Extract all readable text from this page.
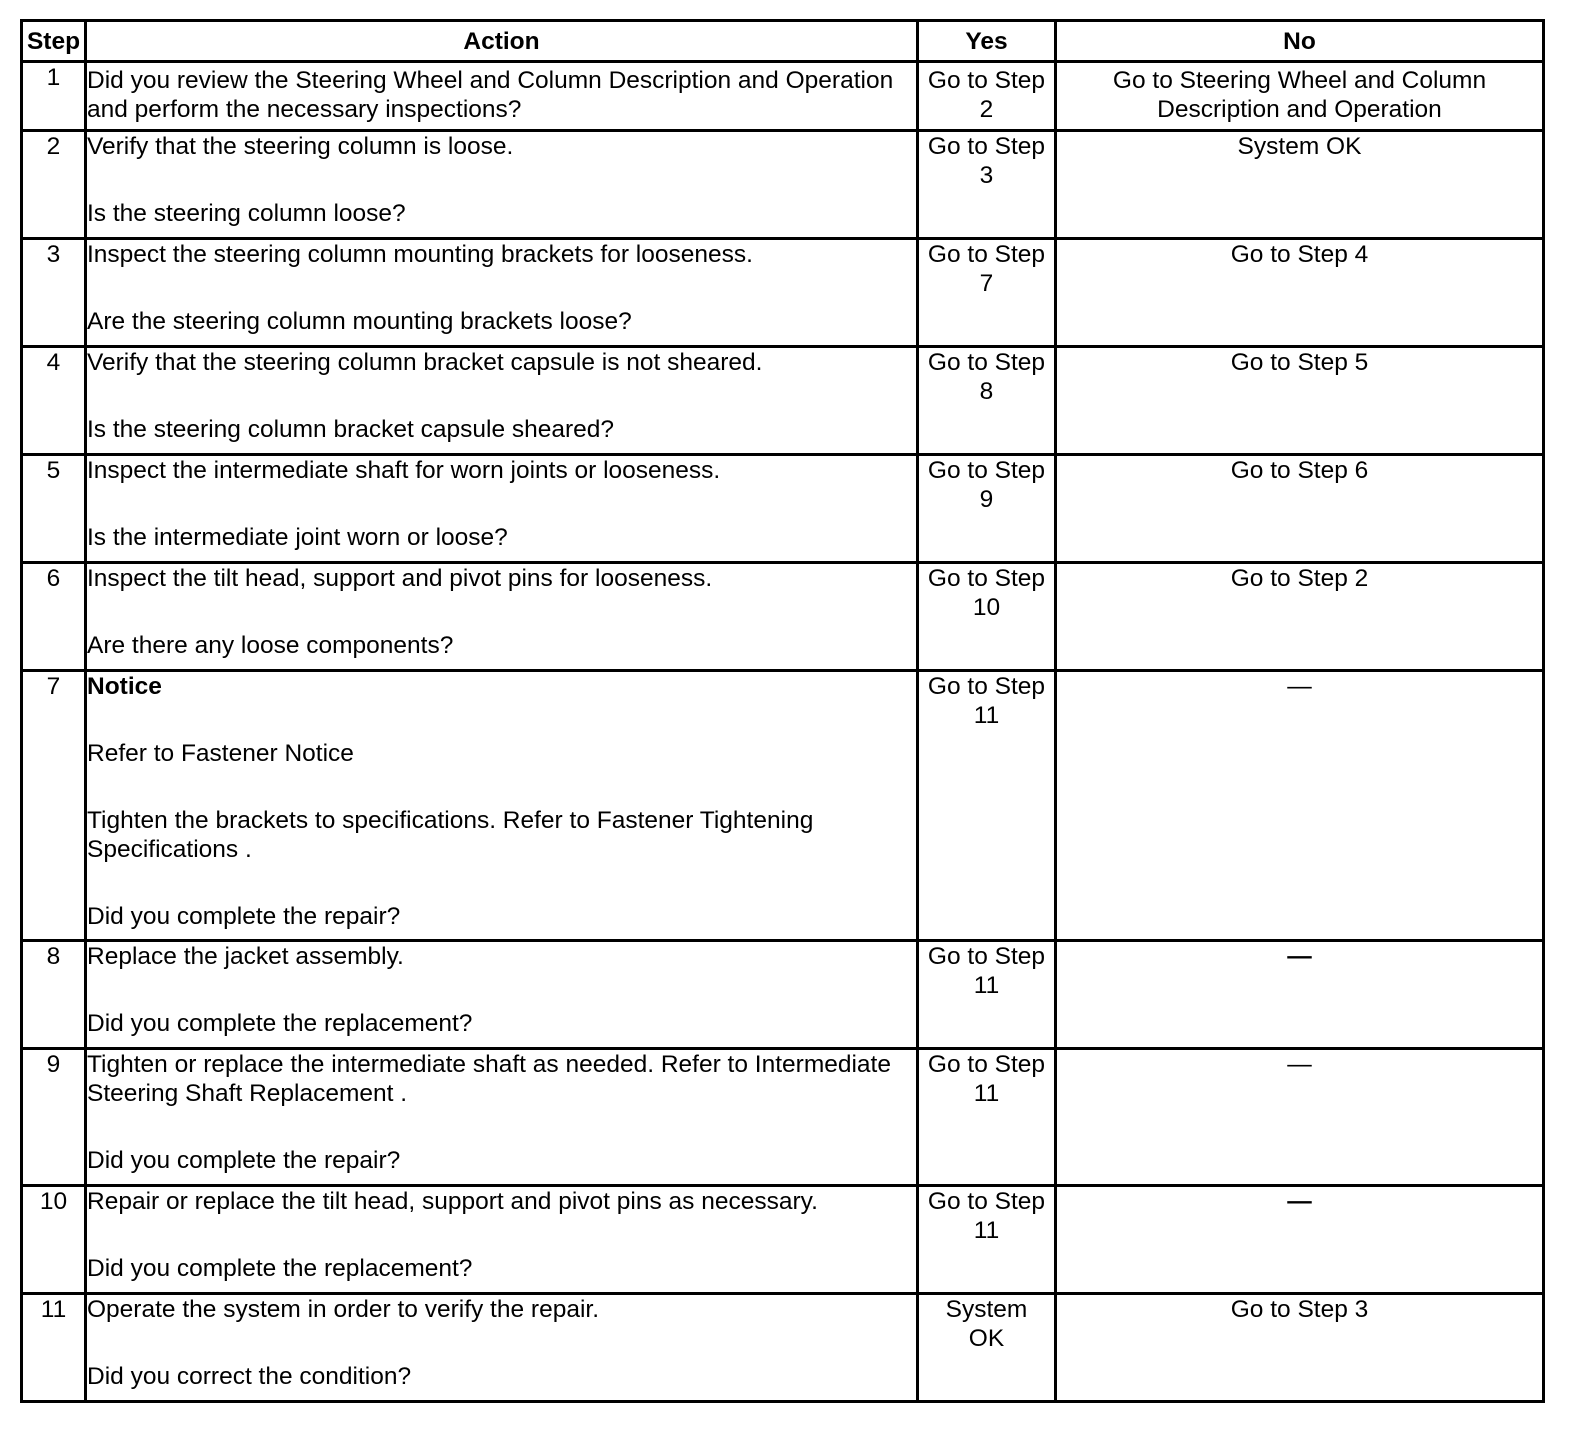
Step	Action	Yes	No
1	Did you review the Steering Wheel and Column Description and Operation and perform the necessary inspections?	Go to Step 2	Go to Steering Wheel and Column Description and Operation
2	Verify that the steering column is loose.
Is the steering column loose?	Go to Step 3	System OK
3	Inspect the steering column mounting brackets for looseness.
Are the steering column mounting brackets loose?	Go to Step 7	Go to Step 4
4	Verify that the steering column bracket capsule is not sheared.
Is the steering column bracket capsule sheared?	Go to Step 8	Go to Step 5
5	Inspect the intermediate shaft for worn joints or looseness.
Is the intermediate joint worn or loose?	Go to Step 9	Go to Step 6
6	Inspect the tilt head, support and pivot pins for looseness.
Are there any loose components?	Go to Step 10	Go to Step 2
7	Notice
Refer to Fastener Notice
Tighten the brackets to specifications. Refer to Fastener Tightening Specifications .
Did you complete the repair?	Go to Step 11	—
8	Replace the jacket assembly.
Did you complete the replacement?	Go to Step 11	—
9	Tighten or replace the intermediate shaft as needed. Refer to Intermediate Steering Shaft Replacement .
Did you complete the repair?	Go to Step 11	—
10	Repair or replace the tilt head, support and pivot pins as necessary.
Did you complete the replacement?	Go to Step 11	—
11	Operate the system in order to verify the repair.
Did you correct the condition?	System OK	Go to Step 3
